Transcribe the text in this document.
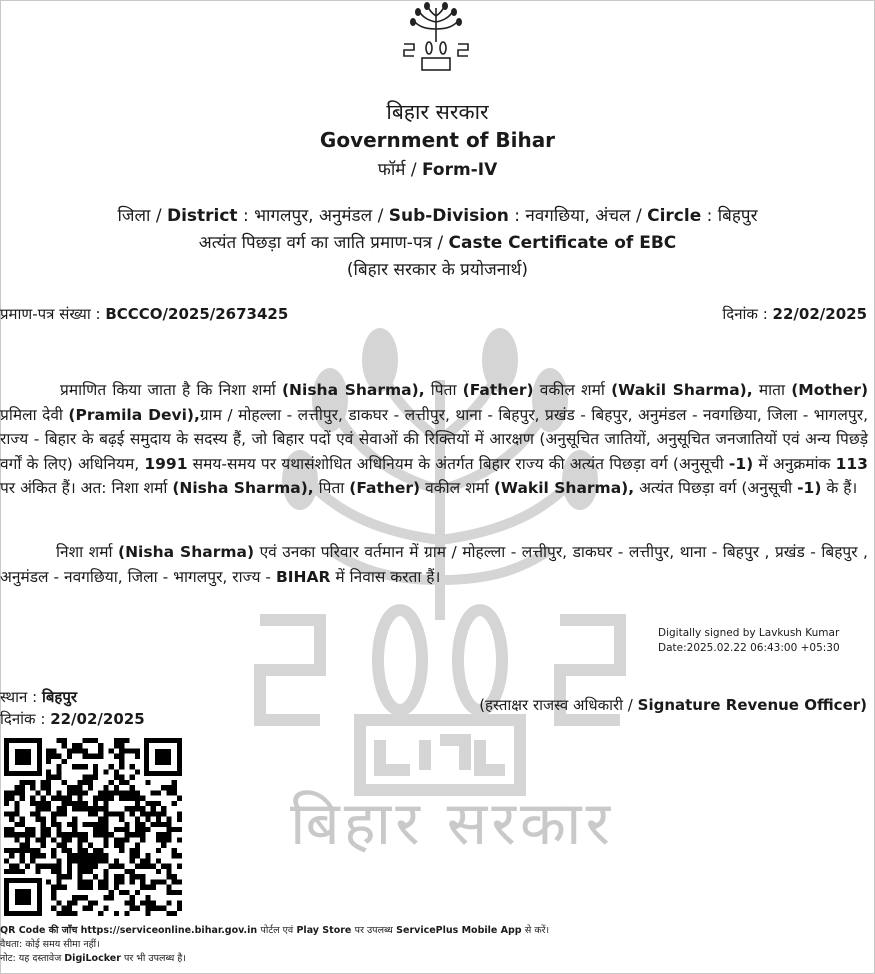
बिहार सरकार
बिहार सरकार
Government of Bihar
फॉर्म / Form-IV
जिला / District : भागलपुर, अनुमंडल / Sub-Division : नवगछिया, अंचल / Circle : बिहपुर
अत्यंत पिछड़ा वर्ग का जाति प्रमाण-पत्र / Caste Certificate of EBC
(बिहार सरकार के प्रयोजनार्थ)
प्रमाण-पत्र संख्या : BCCCO/2025/2673425	दिनांक : 22/02/2025
प्रमाणित किया जाता है कि निशा शर्मा (Nisha Sharma), पिता (Father) वकील शर्मा (Wakil Sharma), माता (Mother) प्रमिला देवी (Pramila Devi),ग्राम / मोहल्ला - लत्तीपुर, डाकघर - लत्तीपुर, थाना - बिहपुर, प्रखंड - बिहपुर, अनुमंडल - नवगछिया, जिला - भागलपुर, राज्य - बिहार के बढ़ई समुदाय के सदस्य हैं, जो बिहार पदों एवं सेवाओं की रिक्तियों में आरक्षण (अनुसूचित जातियों, अनुसूचित जनजातियों एवं अन्य पिछड़े वर्गों के लिए) अधिनियम, 1991 समय-समय पर यथासंशोधित अधिनियम के अंतर्गत बिहार राज्य की अत्यंत पिछड़ा वर्ग (अनुसूची -1) में अनुक्रमांक 113 पर अंकित हैं। अत: निशा शर्मा (Nisha Sharma), पिता (Father) वकील शर्मा (Wakil Sharma), अत्यंत पिछड़ा वर्ग (अनुसूची -1) के हैं।
निशा शर्मा (Nisha Sharma) एवं उनका परिवार वर्तमान में ग्राम / मोहल्ला - लत्तीपुर, डाकघर - लत्तीपुर, थाना - बिहपुर , प्रखंड - बिहपुर , अनुमंडल - नवगछिया, जिला - भागलपुर, राज्य - BIHAR में निवास करता हैं।
Digitally signed by Lavkush Kumar
Date:2025.02.22 06:43:00 +05:30
स्थान : बिहपुर
दिनांक : 22/02/2025
(हस्ताक्षर राजस्व अधिकारी / Signature Revenue Officer)
QR Code की जाँच https://serviceonline.bihar.gov.in पोर्टल एवं Play Store पर उपलब्ध ServicePlus Mobile App से करें।
वैधता: कोई समय सीमा नहीं।
नोट: यह दस्तावेज DigiLocker पर भी उपलब्ध है।
